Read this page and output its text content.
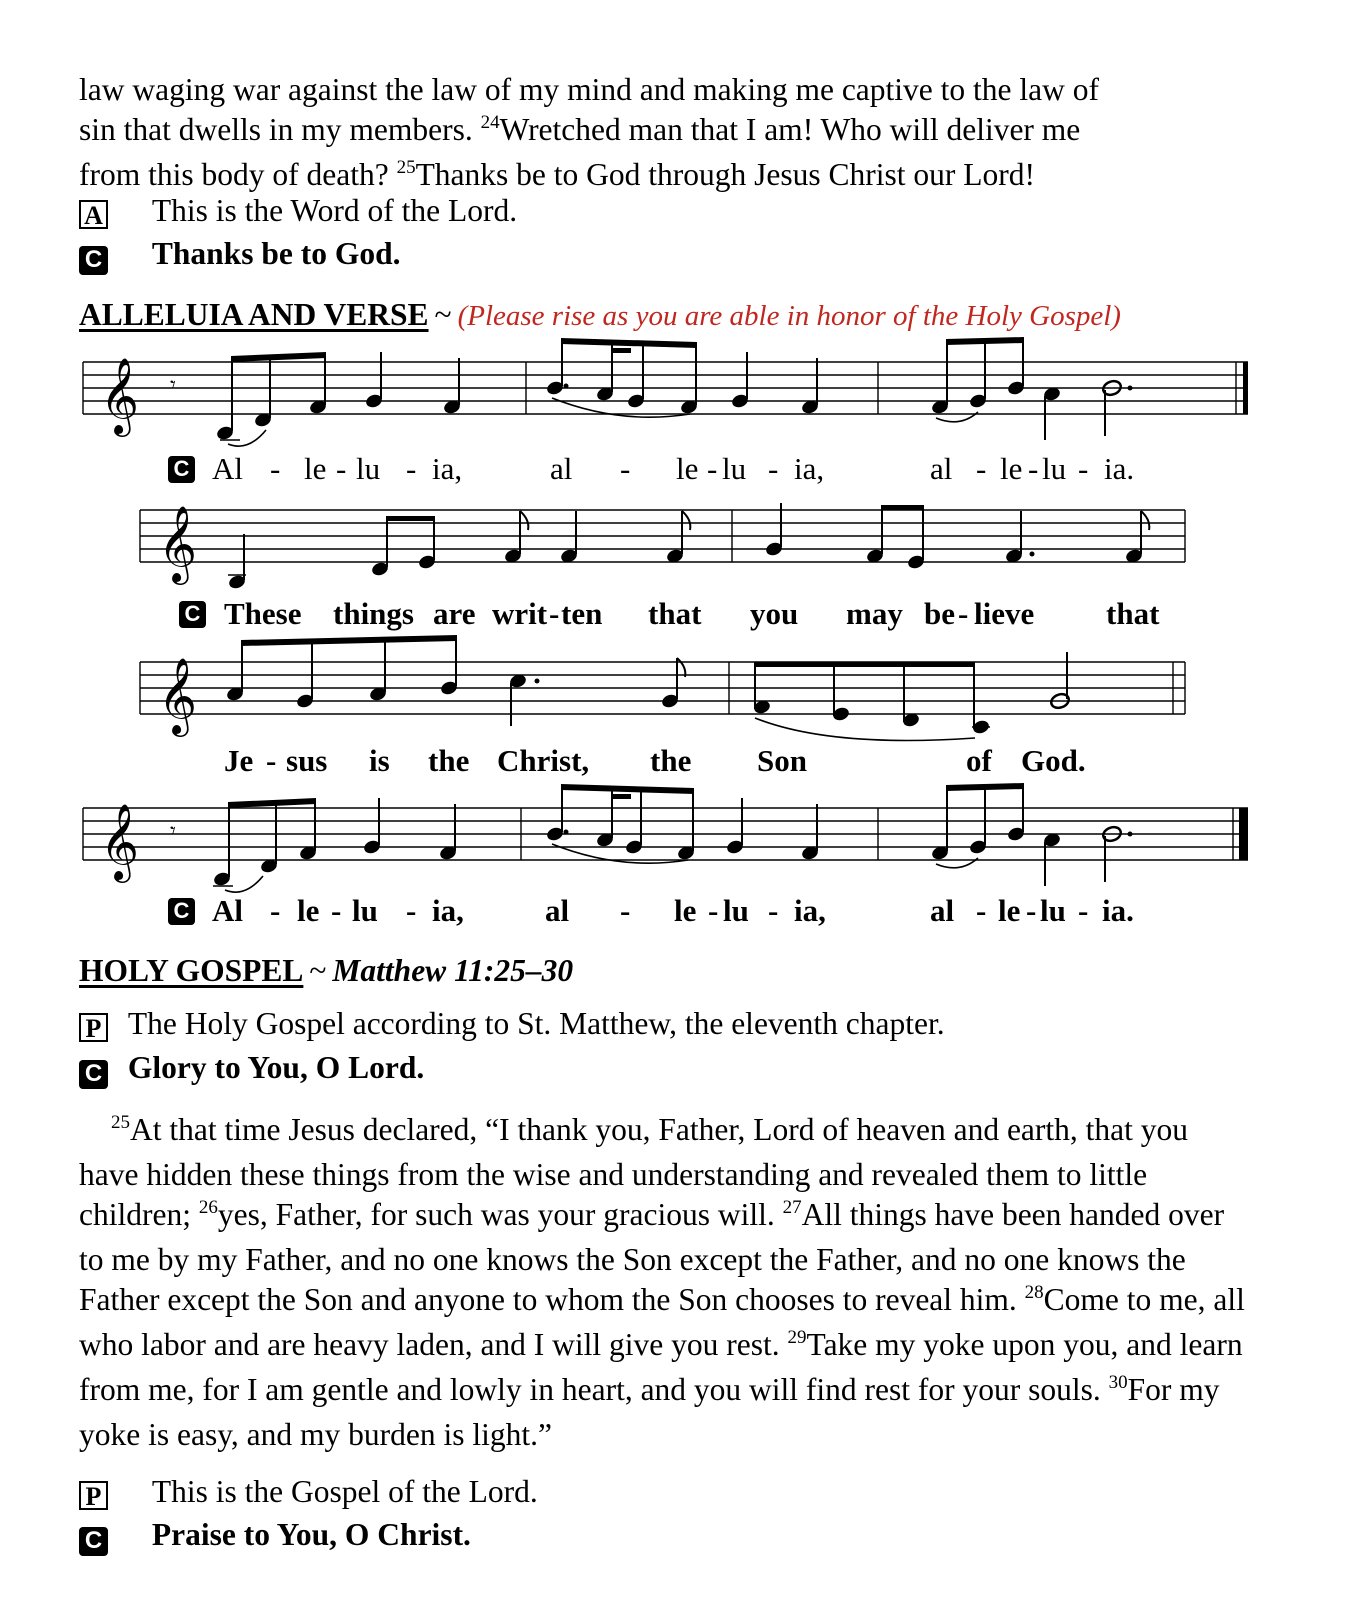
law waging war against the law of my mind and making me captive to the law of
sin that dwells in my members. $^{24}$Wretched man that I am! Who will deliver me
from this body of death? $^{25}$Thanks be to God through Jesus Christ our Lord!
A This is the Word of the Lord.
C Thanks be to God.
ALLELUIA AND VERSE ~ (Please rise as you are able in honor of the Holy Gospel)
𝄞 𝄾
C Al - le - lu - ia,	al - le - lu - ia,	al - le - lu - ia.
𝄞
C These things are writ - ten that you may be - lieve that
𝄞
Je - sus is the Christ, the Son	of God.
𝄞 𝄾
C Al - le - lu - ia,	al - le - lu - ia,	al - le - lu - ia.
HOLY GOSPEL ~ Matthew 11:25–30
P The Holy Gospel according to St. Matthew, the eleventh chapter.
C Glory to You, O Lord.
$^{25}$At that time Jesus declared, “I thank you, Father, Lord of heaven and earth, that you have hidden these things from the wise and understanding and revealed them to little children; $^{26}$yes, Father, for such was your gracious will. $^{27}$All things have been handed over to me by my Father, and no one knows the Son except the Father, and no one knows the Father except the Son and anyone to whom the Son chooses to reveal him. $^{28}$Come to me, all who labor and are heavy laden, and I will give you rest. $^{29}$Take my yoke upon you, and learn from me, for I am gentle and lowly in heart, and you will find rest for your souls. $^{30}$For my yoke is easy, and my burden is light.”
P This is the Gospel of the Lord.
C Praise to You, O Christ.
